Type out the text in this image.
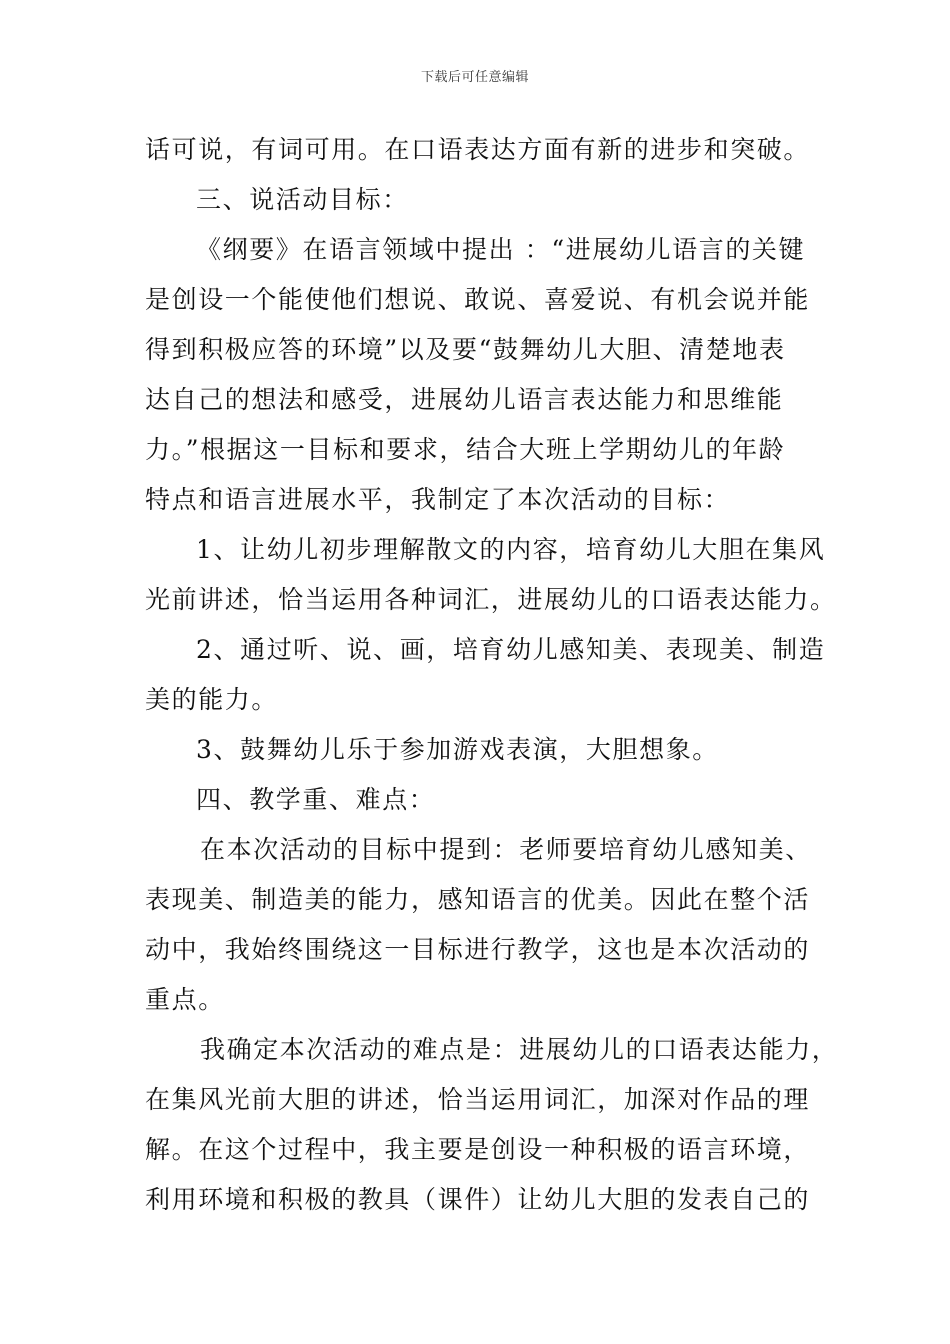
下载后可任意编辑
话可说，有词可用。在口语表达方面有新的进步和突破。
三、说活动目标：
《纲要》在语言领域中提出 ：“进展幼儿语言的关键
是创设一个能使他们想说、敢说、喜爱说、有机会说并能
得到积极应答的环境”以及要“鼓舞幼儿大胆、清楚地表
达自己的想法和感受，进展幼儿语言表达能力和思维能
力。”根据这一目标和要求，结合大班上学期幼儿的年龄
特点和语言进展水平，我制定了本次活动的目标：
1、让幼儿初步理解散文的内容，培育幼儿大胆在集风
光前讲述，恰当运用各种词汇，进展幼儿的口语表达能力。
2、通过听、说、画，培育幼儿感知美、表现美、制造
美的能力。
3、鼓舞幼儿乐于参加游戏表演，大胆想象。
四、教学重、难点：
在本次活动的目标中提到：老师要培育幼儿感知美、
表现美、制造美的能力，感知语言的优美。因此在整个活
动中，我始终围绕这一目标进行教学，这也是本次活动的
重点。
我确定本次活动的难点是：进展幼儿的口语表达能力，
在集风光前大胆的讲述，恰当运用词汇，加深对作品的理
解。在这个过程中，我主要是创设一种积极的语言环境，
利用环境和积极的教具（课件）让幼儿大胆的发表自己的
